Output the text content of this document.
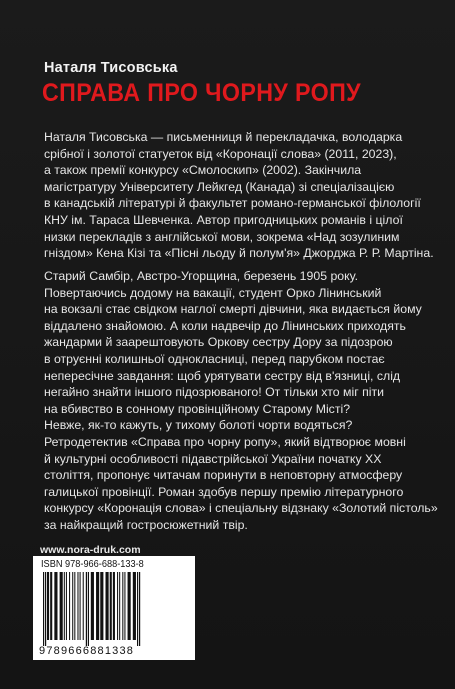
Наталя Тисовська
СПРАВА ПРО ЧОРНУ РОПУ

Наталя Тисовська — письменниця й перекладачка, володарка
срібної і золотої статуеток від «Коронації слова» (2011, 2023),
а також премії конкурсу «Смолоскип» (2002). Закінчила
магістратуру Університету Лейкгед (Канада) зі спеціалізацією
в канадській літературі й факультет романо-германської філології
КНУ ім. Тараса Шевченка. Автор пригодницьких романів і цілої
низки перекладів з англійської мови, зокрема «Над зозулиним
гніздом» Кена Кізі та «Пісні льоду й полум'я» Джорджа Р. Р. Мартіна.

Старий Самбір, Австро-Угорщина, березень 1905 року.
Повертаючись додому на вакації, студент Орко Лінинський
на вокзалі стає свідком наглої смерті дівчини, яка видається йому
віддалено знайомою. А коли надвечір до Лінинських приходять
жандарми й заарештовують Оркову сестру Дору за підозрою
в отруєнні колишньої однокласниці, перед парубком постає
непересічне завдання: щоб урятувати сестру від в'язниці, слід
негайно знайти іншого підозрюваного! От тільки хто міг піти
на вбивство в сонному провінційному Старому Місті?
Невже, як-то кажуть, у тихому болоті чорти водяться?
Ретродетектив «Справа про чорну ропу», який відтворює мовні
й культурні особливості підавстрійської України початку XX
століття, пропонує читачам поринути в неповторну атмосферу
галицької провінції. Роман здобув першу премію літературного
конкурсу «Коронація слова» і спеціальну відзнаку «Золотий пістоль»
за найкращий гостросюжетний твір.

www.nora-druk.com
ISBN 978-966-688-133-8
9789666881338
